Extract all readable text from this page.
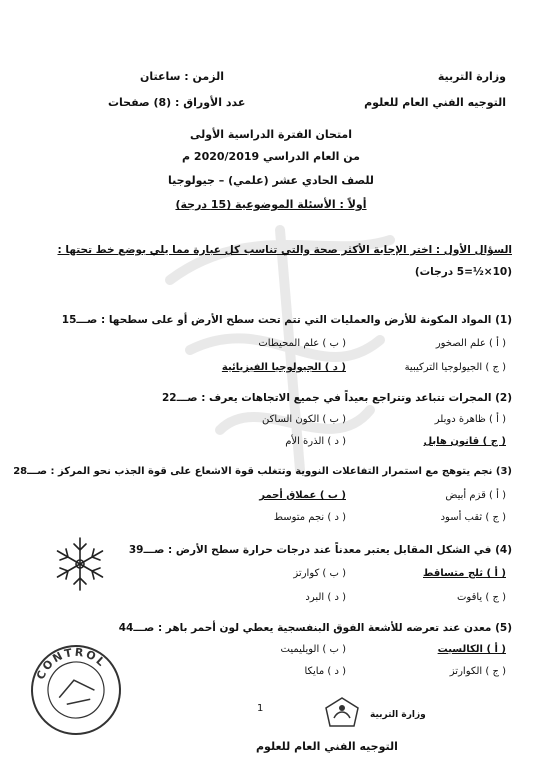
وزارة التربية
التوجيه الفني العام للعلوم
الزمن : ساعتان
عدد الأوراق : (8) صفحات
امتحان الفترة الدراسية الأولى
من العام الدراسي 2020/2019 م
للصف الحادي عشر (علمي) – جيولوجيا
أولاً : الأسئلة الموضوعية (15 درجة)
السؤال الأول : اختر الإجابة الأكثر صحة والتي تناسب كل عبارة مما يلي بوضع خط تحتها :
(10×½=5 درجات)
(1) المواد المكونة للأرض والعمليات التي تتم تحت سطح الأرض أو على سطحها : صـــ15
( أ ) علم الصخور
( ب ) علم المحيطات
( ج ) الجيولوجيا التركيبية
( د ) الجيولوجيا الفيزيائية
(2) المجرات تتباعد وتتراجع بعيداً في جميع الاتجاهات يعرف : صـــ22
( أ ) ظاهرة دوبلر
( ب ) الكون الساكن
( ج ) قانون هابل
( د ) الذرة الأم
(3) نجم يتوهج مع استمرار التفاعلات النووية وتتغلب قوة الاشعاع على قوة الجذب نحو المركز : صـــ28
( أ ) قزم أبيض
( ب ) عملاق أحمر
( ج ) ثقب أسود
( د ) نجم متوسط
(4) في الشكل المقابل يعتبر معدناً عند درجات حرارة سطح الأرض : صـــ39
( أ ) ثلج متساقط
( ب ) كوارتز
( ج ) ياقوت
( د ) البرد
(5) معدن عند تعرضه للأشعة الفوق البنفسجية يعطي لون أحمر باهر : صـــ44
( أ ) الكالسيت
( ب ) الويليميت
( ج ) الكوارتز
( د ) مايكا
CONTROL
1
وزارة التربية
التوجيه الفني العام للعلوم
